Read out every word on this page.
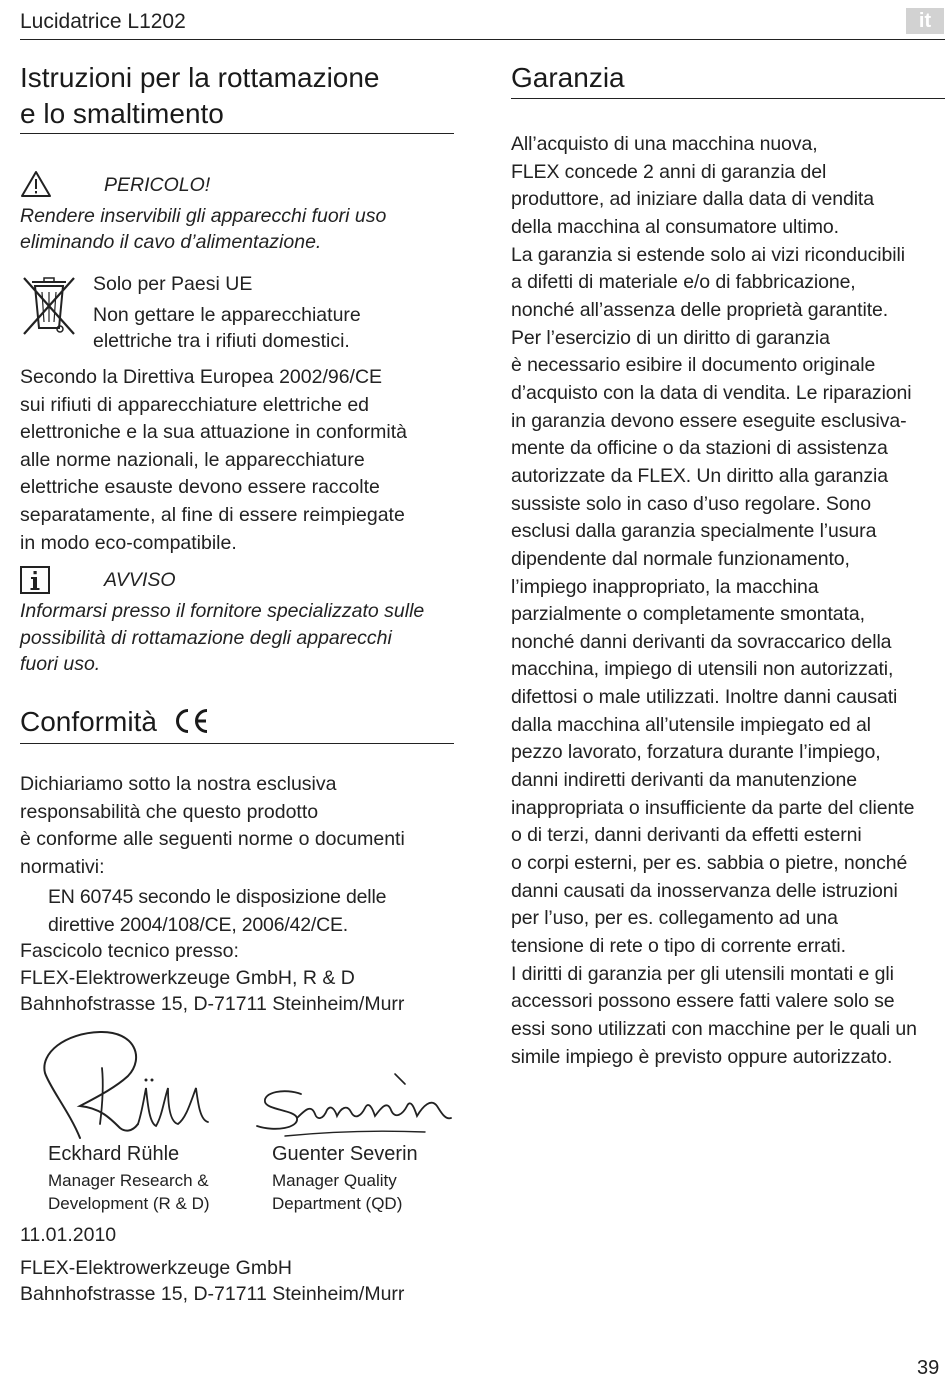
Lucidatrice L1202	it
Istruzioni per la rottamazione
e lo smaltimento
PERICOLO!
Rendere inservibili gli apparecchi fuori uso
eliminando il cavo d’alimentazione.
Solo per Paesi UE
Non gettare le apparecchiature
elettriche tra i rifiuti domestici.
Secondo la Direttiva Europea 2002/96/CE
sui rifiuti di apparecchiature elettriche ed
elettroniche e la sua attuazione in conformità
alle norme nazionali, le apparecchiature
elettriche esauste devono essere raccolte
separatamente, al fine di essere reimpiegate
in modo eco-compatibile.
AVVISO
Informarsi presso il fornitore specializzato sulle
possibilità di rottamazione degli apparecchi
fuori uso.
Conformità
Dichiariamo sotto la nostra esclusiva
responsabilità che questo prodotto
è conforme alle seguenti norme o documenti
normativi:
EN 60745 secondo le disposizione delle
direttive 2004/108/CE, 2006/42/CE.
Fascicolo tecnico presso:
FLEX-Elektrowerkzeuge GmbH, R & D
Bahnhofstrasse 15, D-71711 Steinheim/Murr
Eckhard Rühle
Manager Research &
Development (R & D)
Guenter Severin
Manager Quality
Department (QD)
11.01.2010
FLEX-Elektrowerkzeuge GmbH
Bahnhofstrasse 15, D-71711 Steinheim/Murr
Garanzia
All’acquisto di una macchina nuova,
FLEX concede 2 anni di garanzia del
produttore, ad iniziare dalla data di vendita
della macchina al consumatore ultimo.
La garanzia si estende solo ai vizi riconducibili
a difetti di materiale e/o di fabbricazione,
nonché all’assenza delle proprietà garantite.
Per l’esercizio di un diritto di garanzia
è necessario esibire il documento originale
d’acquisto con la data di vendita. Le riparazioni
in garanzia devono essere eseguite esclusiva-
mente da officine o da stazioni di assistenza
autorizzate da FLEX. Un diritto alla garanzia
sussiste solo in caso d’uso regolare. Sono
esclusi dalla garanzia specialmente l’usura
dipendente dal normale funzionamento,
l’impiego inappropriato, la macchina
parzialmente o completamente smontata,
nonché danni derivanti da sovraccarico della
macchina, impiego di utensili non autorizzati,
difettosi o male utilizzati. Inoltre danni causati
dalla macchina all’utensile impiegato ed al
pezzo lavorato, forzatura durante l’impiego,
danni indiretti derivanti da manutenzione
inappropriata o insufficiente da parte del cliente
o di terzi, danni derivanti da effetti esterni
o corpi esterni, per es. sabbia o pietre, nonché
danni causati da inosservanza delle istruzioni
per l’uso, per es. collegamento ad una
tensione di rete o tipo di corrente errati.
I diritti di garanzia per gli utensili montati e gli
accessori possono essere fatti valere solo se
essi sono utilizzati con macchine per le quali un
simile impiego è previsto oppure autorizzato.
39
